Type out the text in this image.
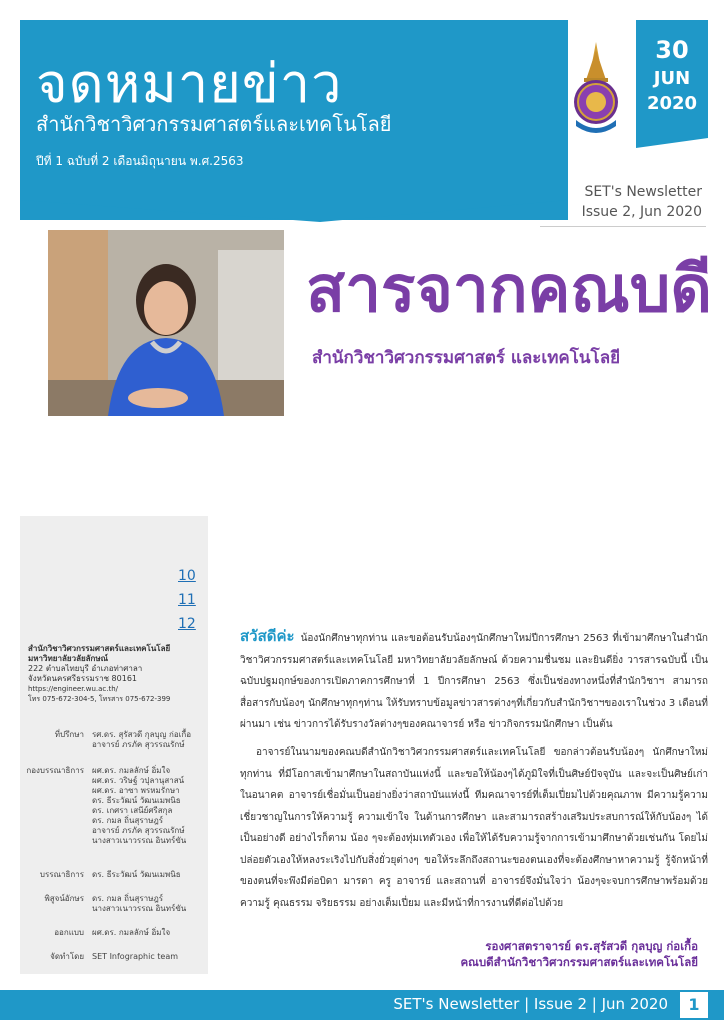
จดหมายข่าว
สำนักวิชาวิศวกรรมศาสตร์และเทคโนโลยี
ปีที่ 1 ฉบับที่ 2 เดือนมิถุนายน พ.ศ.2563
30
JUN
2020
SET's Newsletter
Issue 2, Jun 2020
สารจากคณบดี
สำนักวิชาวิศวกรรมศาสตร์ และเทคโนโลยี
10
11
12
สำนักวิชาวิศวกรรมศาสตร์และเทคโนโลยี
มหาวิทยาลัยวลัยลักษณ์
222 ตำบลไทยบุรี อำเภอท่าศาลา
จังหวัดนครศรีธรรมราช 80161
https://engineer.wu.ac.th/
โทร 075-672-304-5, โทรสาร 075-672-399
ที่ปรึกษา รศ.ดร. สุรัสวดี กุลบุญ ก่อเกื้อ
อาจารย์ ภรภัค สุวรรณรักษ์
กองบรรณาธิการ ผศ.ดร. กมลลักษ์ อิ่มใจ
ผศ.ดร. วริษฐ์ วปุลานุสาสน์
ผศ.ดร. อาซา พรหมรักษา
ดร. ธีระวัฒน์ วัฒนเมพนิธ
ดร. เกศรา เสนีย์ศรีสกุล
ดร. กมล ถิ่นสุราษฎร์
อาจารย์ ภรภัค สุวรรณรักษ์
นางสาวเนาวรรณ อินทร์ขัน
บรรณาธิการ ดร. ธีระวัฒน์ วัฒนเมพนิธ
พิสูจน์อักษร ดร. กมล ถิ่นสุราษฎร์
นางสาวเนาวรรณ อินทร์ขัน
ออกแบบ ผศ.ดร. กมลลักษ์ อิ่มใจ
จัดทำโดย SET Infographic team
สวัสดีค่ะ น้องนักศึกษาทุกท่าน และขอต้อนรับน้องๆนักศึกษาใหม่ปีการศึกษา 2563 ที่เข้ามาศึกษาในสำนักวิชาวิศวกรรมศาสตร์และเทคโนโลยี มหาวิทยาลัยวลัยลักษณ์ ด้วยความชื่นชม และยินดียิ่ง วารสารฉบับนี้ เป็นฉบับปฐมฤกษ์ของการเปิดภาคการศึกษาที่ 1 ปีการศึกษา 2563 ซึ่งเป็นช่องทางหนึ่งที่สำนักวิชาฯ สามารถสื่อสารกับน้องๆ นักศึกษาทุกๆท่าน ให้รับทราบข้อมูลข่าวสารต่างๆที่เกี่ยวกับสำนักวิชาฯของเราในช่วง 3 เดือนที่ผ่านมา เช่น ข่าวการได้รับรางวัลต่างๆของคณาจารย์ หรือ ข่าวกิจกรรมนักศึกษา เป็นต้น
อาจารย์ในนามของคณบดีสำนักวิชาวิศวกรรมศาสตร์และเทคโนโลยี ขอกล่าวต้อนรับน้องๆ นักศึกษาใหม่ทุกท่าน ที่มีโอกาสเข้ามาศึกษาในสถาบันแห่งนี้ และขอให้น้องๆได้ภูมิใจที่เป็นศิษย์ปัจจุบัน และจะเป็นศิษย์เก่าในอนาคต อาจารย์เชื่อมั่นเป็นอย่างยิ่งว่าสถาบันแห่งนี้ ทีมคณาจารย์ที่เต็มเปี่ยมไปด้วยคุณภาพ มีความรู้ความเชี่ยวชาญในการให้ความรู้ ความเข้าใจ ในด้านการศึกษา และสามารถสร้างเสริมประสบการณ์ให้กับน้องๆ ได้เป็นอย่างดี อย่างไรก็ตาม น้อง ๆจะต้องทุ่มเทตัวเอง เพื่อให้ได้รับความรู้จากการเข้ามาศึกษาด้วยเช่นกัน โดยไม่ปล่อยตัวเองให้หลงระเริงไปกับสิ่งยั่วยุต่างๆ ขอให้ระลึกถึงสถานะของตนเองที่จะต้องศึกษาหาความรู้ รู้จักหน้าที่ ของตนที่จะพึงมีต่อบิดา มารดา ครู อาจารย์ และสถานที่ อาจารย์จึงมั่นใจว่า น้องๆจะจบการศึกษาพร้อมด้วยความรู้ คุณธรรม จริยธรรม อย่างเต็มเปี่ยม และมีหน้าที่การงานที่ดีต่อไปด้วย
รองศาสตราจารย์ ดร.สุรัสวดี กุลบุญ ก่อเกื้อ
คณบดีสำนักวิชาวิศวกรรมศาสตร์และเทคโนโลยี
SET's Newsletter | Issue 2 | Jun 2020	1
